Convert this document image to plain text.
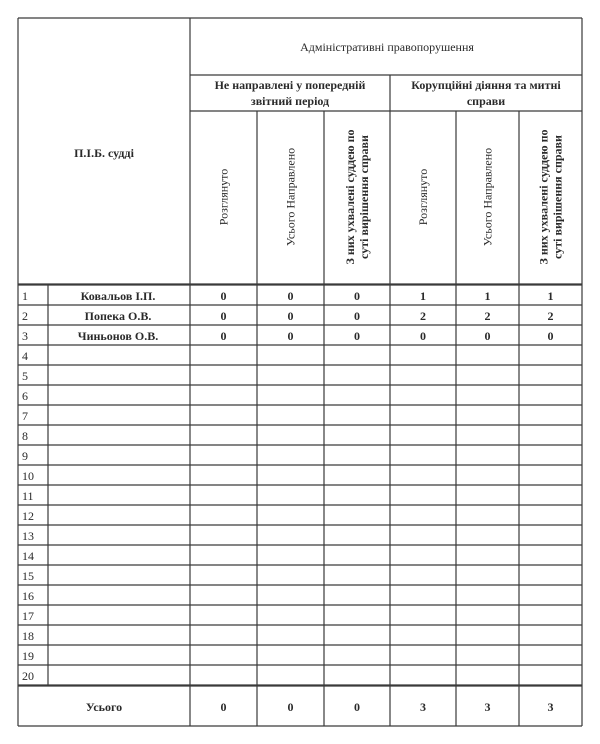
П.І.Б. судді
Адміністративні правопорушення
Не направлені у попередній
звітний період
Корупційні діяння та митні
справи
Розглянуто	Усього Направлено	З них ухвалені суддею по суті вирішення справи	Розглянуто	Усього Направлено	З них ухвалені суддею по суті вирішення справи
1	Ковальов І.П.	0	0	0	1	1	1
2	Попека О.В.	0	0	0	2	2	2
3	Чиньонов О.В.	0	0	0	0	0	0
4
5
6
7
8
9
10
11
12
13
14
15
16
17
18
19
20
Усього	0	0	0	3	3	3
